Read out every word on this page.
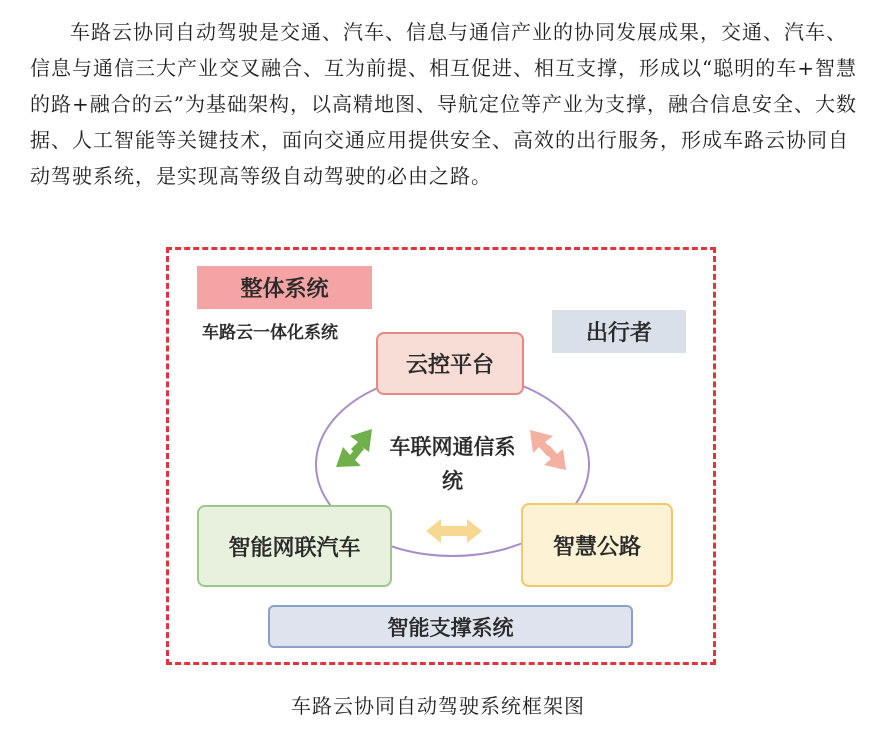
车路云协同自动驾驶是交通、汽车、信息与通信产业的协同发展成果，交通、汽车、信息与通信三大产业交叉融合、互为前提、相互促进、相互支撑，形成以“聪明的车+智慧的路+融合的云”为基础架构，以高精地图、导航定位等产业为支撑，融合信息安全、大数据、人工智能等关键技术，面向交通应用提供安全、高效的出行服务，形成车路云协同自动驾驶系统，是实现高等级自动驾驶的必由之路。

整体系统
车路云一体化系统	出行者
云控平台
车联网通信系统
智能网联汽车	智慧公路
智能支撑系统
车路云协同自动驾驶系统框架图
